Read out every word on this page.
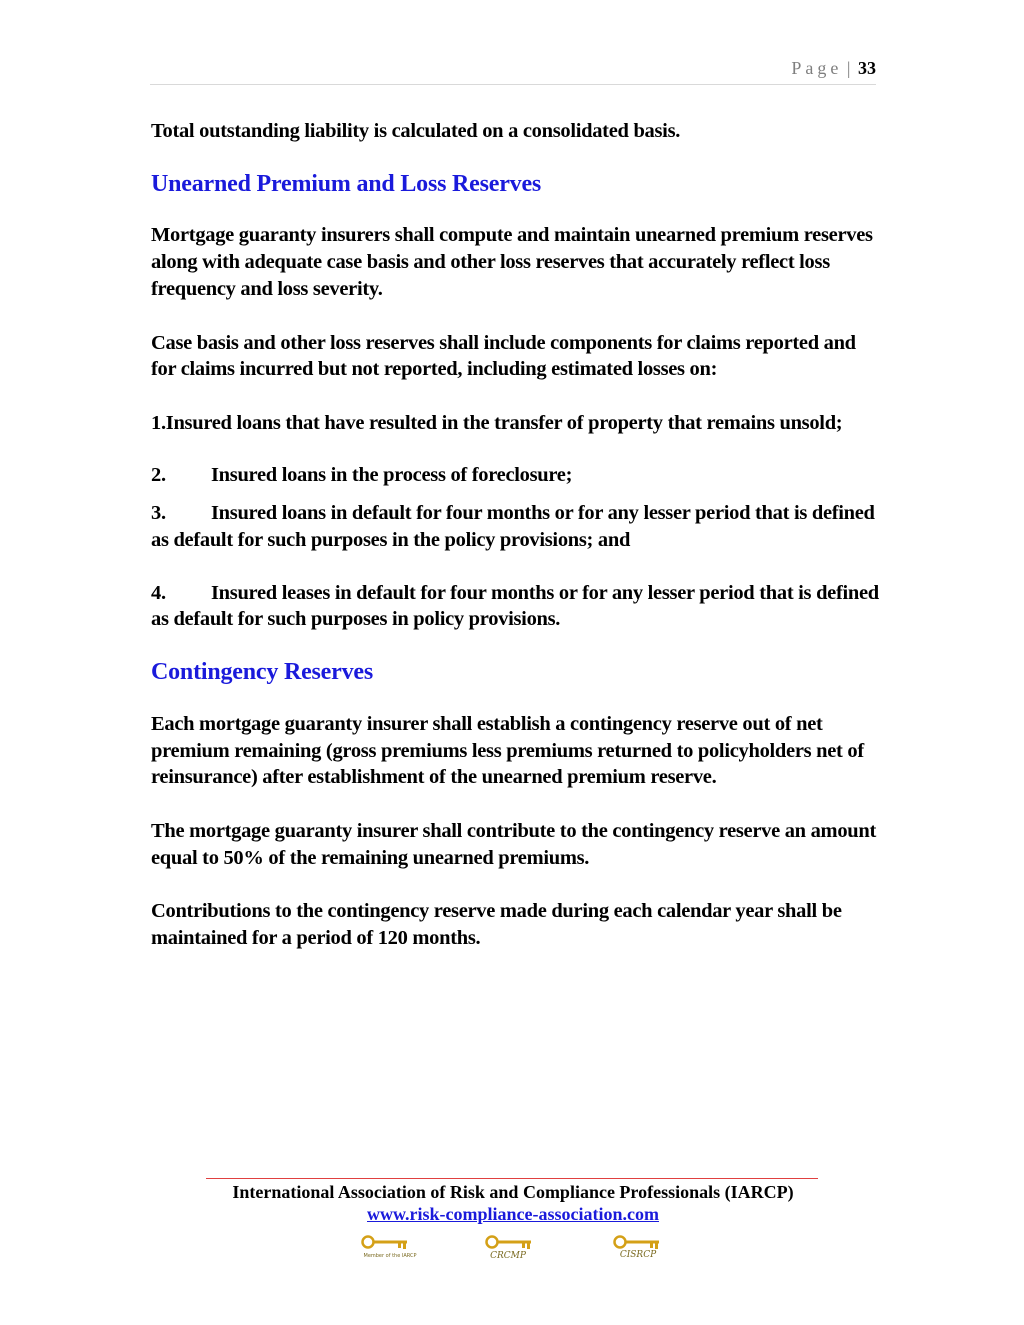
Page | 33

Total outstanding liability is calculated on a consolidated basis.

Unearned Premium and Loss Reserves

Mortgage guaranty insurers shall compute and maintain unearned premium reserves along with adequate case basis and other loss reserves that accurately reflect loss frequency and loss severity.

Case basis and other loss reserves shall include components for claims reported and for claims incurred but not reported, including estimated losses on:

1.Insured loans that have resulted in the transfer of property that remains unsold;

2. Insured loans in the process of foreclosure;

3. Insured loans in default for four months or for any lesser period that is defined as default for such purposes in the policy provisions; and

4. Insured leases in default for four months or for any lesser period that is defined as default for such purposes in policy provisions.

Contingency Reserves

Each mortgage guaranty insurer shall establish a contingency reserve out of net premium remaining (gross premiums less premiums returned to policyholders net of reinsurance) after establishment of the unearned premium reserve.

The mortgage guaranty insurer shall contribute to the contingency reserve an amount equal to 50% of the remaining unearned premiums.

Contributions to the contingency reserve made during each calendar year shall be maintained for a period of 120 months.

International Association of Risk and Compliance Professionals (IARCP)
www.risk-compliance-association.com
Member of the IARCP	CRCMP	CISRCP
